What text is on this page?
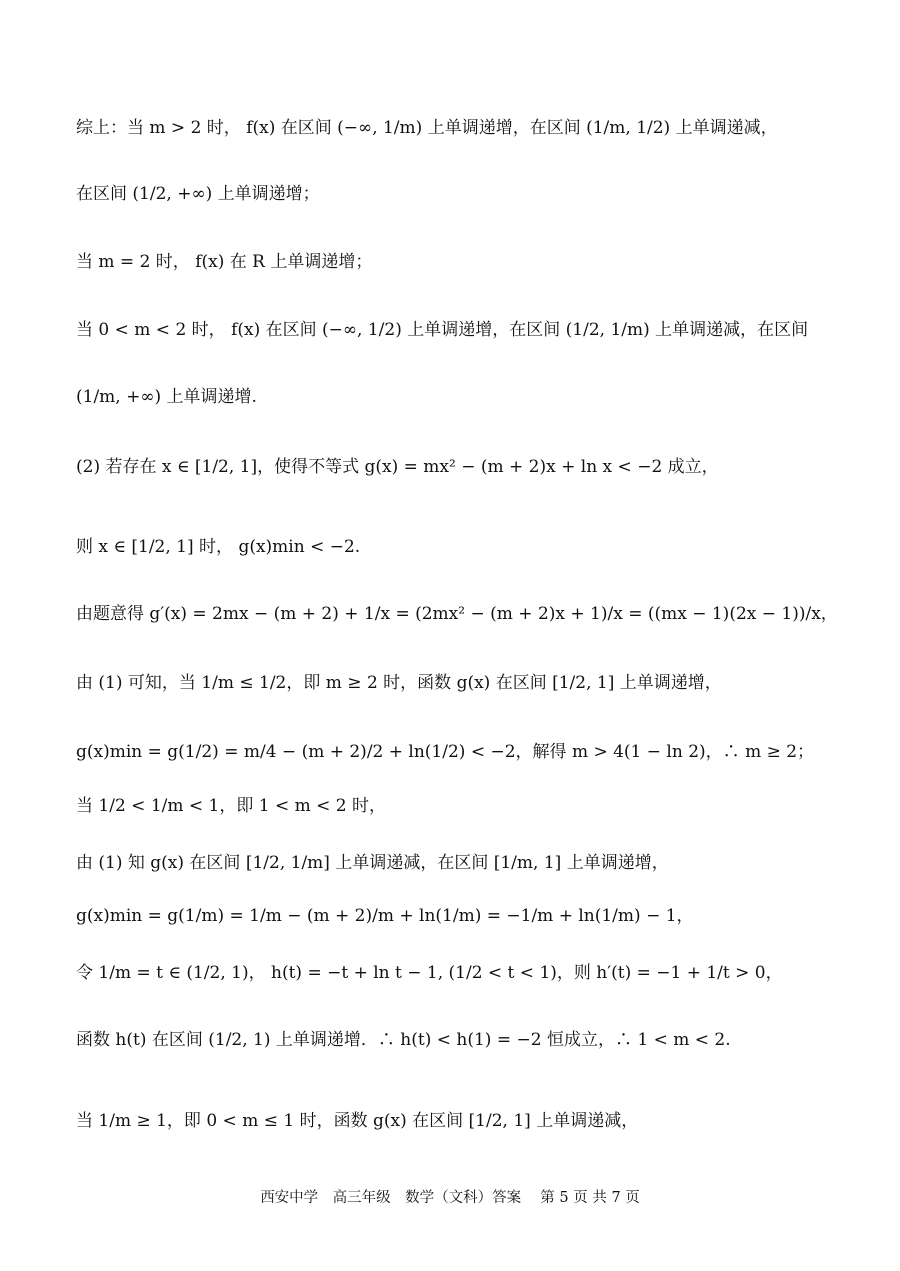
综上：当 m > 2 时， f(x) 在区间 (−∞, 1/m) 上单调递增，在区间 (1/m, 1/2) 上单调递减，
在区间 (1/2, +∞) 上单调递增；
当 m = 2 时， f(x) 在 R 上单调递增；
当 0 < m < 2 时， f(x) 在区间 (−∞, 1/2) 上单调递增，在区间 (1/2, 1/m) 上单调递减，在区间
(1/m, +∞) 上单调递增.
(2) 若存在 x ∈ [1/2, 1]，使得不等式 g(x) = mx² − (m + 2)x + ln x < −2 成立，
则 x ∈ [1/2, 1] 时， g(x)min < −2.
由题意得 g′(x) = 2mx − (m + 2) + 1/x = (2mx² − (m + 2)x + 1)/x = ((mx − 1)(2x − 1))/x，
由 (1) 可知，当 1/m ≤ 1/2，即 m ≥ 2 时，函数 g(x) 在区间 [1/2, 1] 上单调递增，
g(x)min = g(1/2) = m/4 − (m + 2)/2 + ln(1/2) < −2，解得 m > 4(1 − ln 2)，∴ m ≥ 2；
当 1/2 < 1/m < 1，即 1 < m < 2 时，
由 (1) 知 g(x) 在区间 [1/2, 1/m] 上单调递减，在区间 [1/m, 1] 上单调递增，
g(x)min = g(1/m) = 1/m − (m + 2)/m + ln(1/m) = −1/m + ln(1/m) − 1，
令 1/m = t ∈ (1/2, 1)， h(t) = −t + ln t − 1, (1/2 < t < 1)，则 h′(t) = −1 + 1/t > 0，
函数 h(t) 在区间 (1/2, 1) 上单调递增．∴ h(t) < h(1) = −2 恒成立，∴ 1 < m < 2.
当 1/m ≥ 1，即 0 < m ≤ 1 时，函数 g(x) 在区间 [1/2, 1] 上单调递减，
西安中学　高三年级　数学（文科）答案　 第 5 页 共 7 页
